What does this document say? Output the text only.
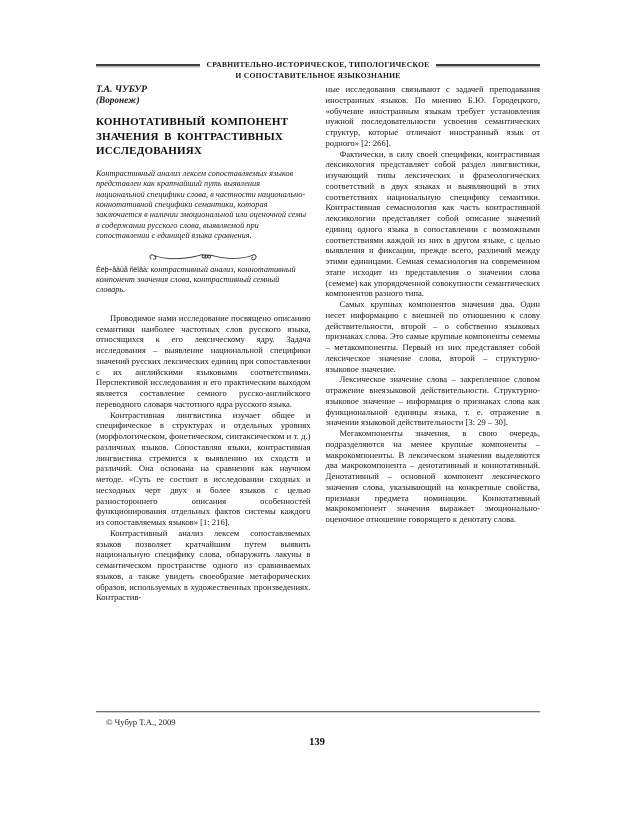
СРАВНИТЕЛЬНО-ИСТОРИЧЕСКОЕ, ТИПОЛОГИЧЕСКОЕ
И СОПОСТАВИТЕЛЬНОЕ ЯЗЫКОЗНАНИЕ
Т.А. ЧУБУР
(Воронеж)
КОННОТАТИВНЫЙ КОМПОНЕНТ
ЗНАЧЕНИЯ В КОНТРАСТИВНЫХ
ИССЛЕДОВАНИЯХ
Контрастивный анализ лексем сопоставляемых языков представлен как кратчайший путь выявления национальной специфики слова, в частности национально-коннотативной специфики семантики, которая заключается в наличии эмоциональной или оценочной семы в содержании русского слова, выявляемой при сопоставлении с единицей языка сравнения.
Êëþ÷åâûå ñëîâà: контрастивный анализ, коннотативный компонент значения слова, контрастивный семный словарь.
Проводимое нами исследование посвящено описанию семантики наиболее частотных слов русского языка, относящихся к его лексическому ядру. Задача исследования – выявление национальной специфики значений русских лексических единиц при сопоставлении с их английскими языковыми соответствиями. Перспективой исследования и его практическим выходом является составление семного русско-английского переводного словаря частотного ядра русского языка.
Контрастивная лингвистика изучает общее и специфическое в структурах и отдельных уровнях (морфологическом, фонетическом, синтаксическом и т. д.) различных языков. Сопоставляя языки, контрастивная лингвистика стремится к выявлению их сходств и различий. Она основана на сравнении как научном методе. «Суть ее состоит в исследовании сходных и несходных черт двух и более языков с целью разностороннего описания особенностей функционирования отдельных фактов системы каждого из сопоставляемых языков» [1: 216].
Контрастивный анализ лексем сопоставляемых языков позволяет кратчайшим путем выявить национальную специфику слова, обнаружить лакуны в семантическом пространстве одного из сравниваемых языков, а также увидеть своеобразие метафорических образов, используемых в художественных произведениях. Контрастив-
ные исследования связывают с задачей преподавания иностранных языков. По мнению Б.Ю. Городецкого, «обучение иностранным языкам требует установления нужной последовательности усвоения семантических структур, которые отличают иностранный язык от родного» [2: 266].
Фактически, в силу своей специфики, контрастивная лексикология представляет собой раздел лингвистики, изучающий типы лексических и фразеологических соответствий в двух языках и выявляющий в этих соответствиях национальную специфику семантики. Контрастивная семасиология как часть контрастивной лексикологии представляет собой описание значений единиц одного языка в сопоставлении с возможными соответствиями каждой из них в другом языке, с целью выявления и фиксации, прежде всего, различий между этими единицами. Семная семасиология на современном этапе исходит из представления о значении слова (семеме) как упорядоченной совокупности семантических компонентов разного типа.
Самых крупных компонентов значения два. Один несет информацию с внешней по отношению к слову действительности, второй – о собственно языковых признаках слова. Это самые крупные компоненты семемы – метакомпоненты. Первый из них представляет собой лексическое значение слова, второй – структурно-языковое значение.
Лексическое значение слова – закрепленное словом отражение внеязыковой действительности. Структурно-языковое значение – информация о признаках слова как функциональной единицы языка, т. е. отражение в значении языковой действительности [3: 29 – 30].
Мегакомпоненты значения, в свою очередь, подразделяются на менее крупные компоненты – макрокомпоненты. В лексическом значении выделяются два макрокомпонента – денотативный и коннотативный. Денотативный – основной компонент лексического значения слова, указывающий на конкретные свойства, признаки предмета номинации. Коннотативный макрокомпонент значения выражает эмоционально-оценочное отношение говорящего к денотату слова.
© Чубур Т.А., 2009
139
